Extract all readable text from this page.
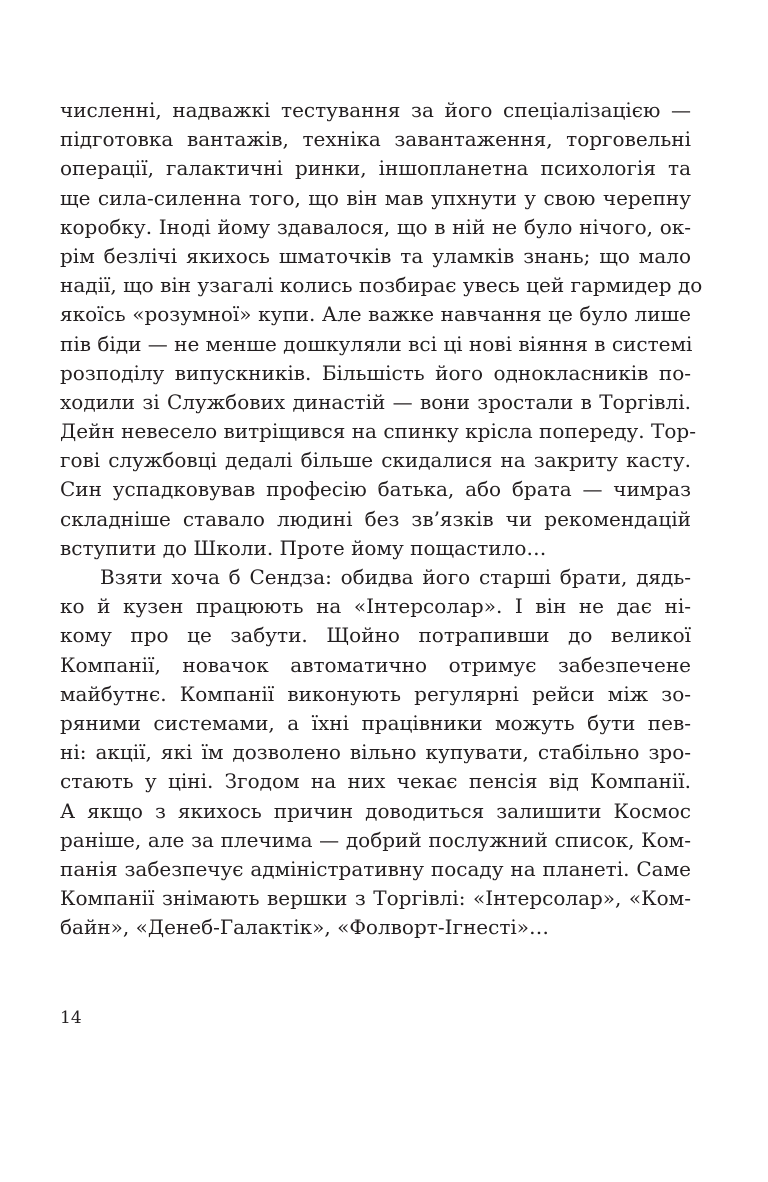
численні, надважкі тестування за його спеціалізацією —
підготовка вантажів, техніка завантаження, торговельні
операції, галактичні ринки, іншопланетна психологія та
ще сила-силенна того, що він мав упхнути у свою черепну
коробку. Іноді йому здавалося, що в ній не було нічого, ок-
рім безлічі якихось шматочків та уламків знань; що мало
надії, що він узагалі колись позбирає увесь цей гармидер до
якоїсь «розумної» купи. Але важке навчання це було лише
пів біди — не менше дошкуляли всі ці нові віяння в системі
розподілу випускників. Більшість його однокласників по-
ходили зі Службових династій — вони зростали в Торгівлі.
Дейн невесело витріщився на спинку крісла попереду. Тор-
гові службовці дедалі більше скидалися на закриту касту.
Син успадковував професію батька, або брата — чимраз
складніше ставало людині без зв’язків чи рекомендацій
вступити до Школи. Проте йому пощастило…
Взяти хоча б Сендза: обидва його старші брати, дядь-
ко й кузен працюють на «Інтерсолар». І він не дає ні-
кому про це забути. Щойно потрапивши до великої
Компанії, новачок автоматично отримує забезпечене
майбутнє. Компанії виконують регулярні рейси між зо-
ряними системами, а їхні працівники можуть бути пев-
ні: акції, які їм дозволено вільно купувати, стабільно зро-
стають у ціні. Згодом на них чекає пенсія від Компанії.
А якщо з якихось причин доводиться залишити Космос
раніше, але за плечима — добрий послужний список, Ком-
панія забезпечує адміністративну посаду на планеті. Саме
Компанії знімають вершки з Торгівлі: «Інтерсолар», «Ком-
байн», «Денеб-Галактік», «Фолворт-Ігнесті»…
14
